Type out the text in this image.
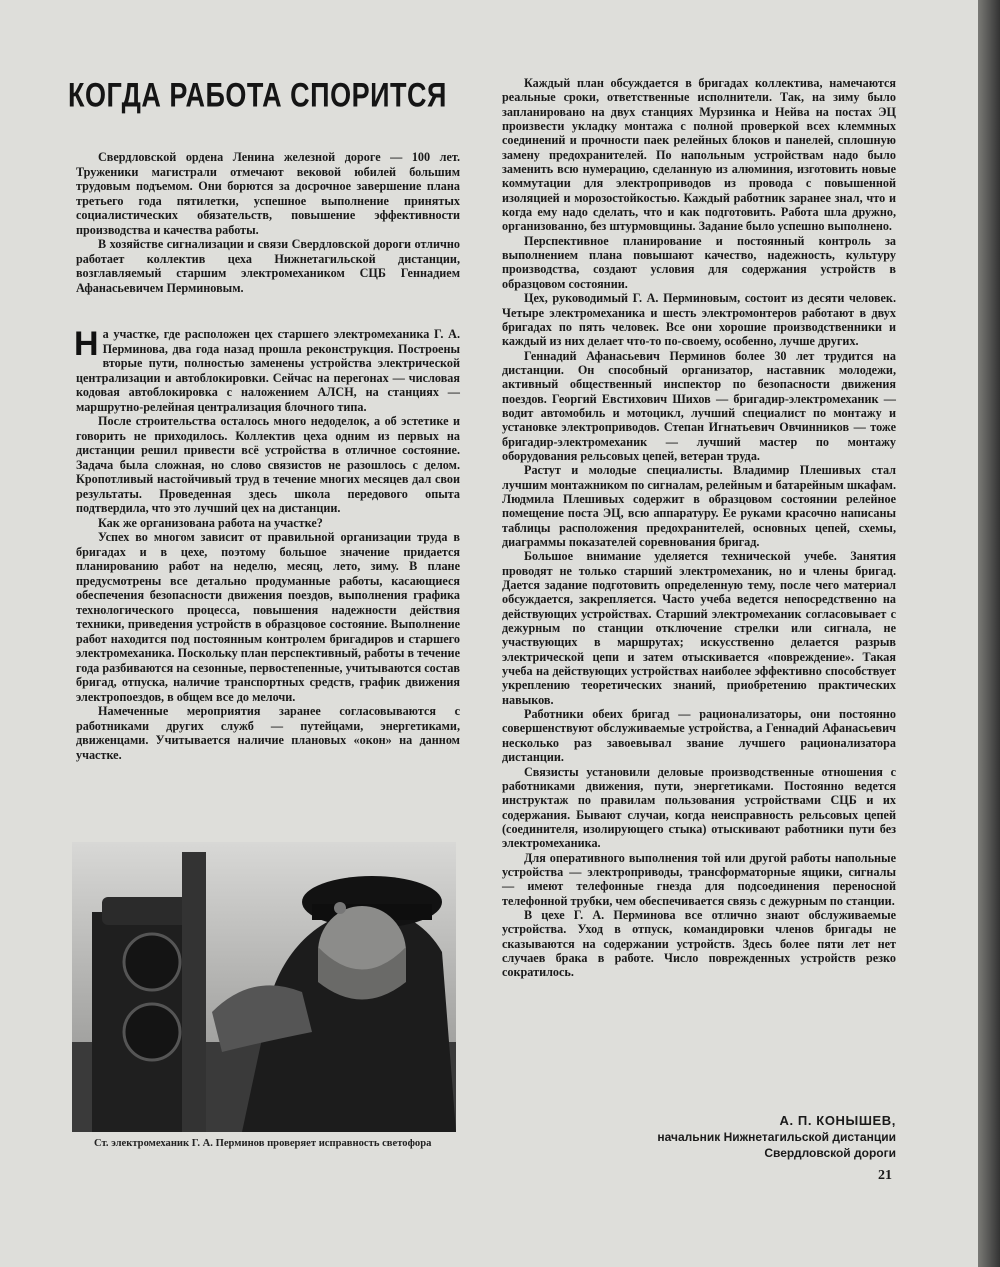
КОГДА РАБОТА СПОРИТСЯ

Свердловской ордена Ленина железной дороге — 100 лет. Труженики магистрали отмечают вековой юбилей большим трудовым подъемом. Они борются за досрочное завершение плана третьего года пятилетки, успешное выполнение принятых социалистических обязательств, повышение эффективности производства и качества работы.

В хозяйстве сигнализации и связи Свердловской дороги отлично работает коллектив цеха Нижнетагильской дистанции, возглавляемый старшим электромехаником СЦБ Геннадием Афанасьевичем Перминовым.

Н а участке, где расположен цех старшего электромеханика Г. А. Перминова, два года назад прошла реконструкция. Построены вторые пути, полностью заменены устройства электрической централизации и автоблокировки. Сейчас на перегонах — числовая кодовая автоблокировка с наложением АЛСН, на станциях — маршрутно-релейная централизация блочного типа.

После строительства осталось много недоделок, а об эстетике и говорить не приходилось. Коллектив цеха одним из первых на дистанции решил привести всё устройства в отличное состояние. Задача была сложная, но слово связистов не разошлось с делом. Кропотливый настойчивый труд в течение многих месяцев дал свои результаты. Проведенная здесь школа передового опыта подтвердила, что это лучший цех на дистанции.

Как же организована работа на участке?

Успех во многом зависит от правильной организации труда в бригадах и в цехе, поэтому большое значение придается планированию работ на неделю, месяц, лето, зиму. В плане предусмотрены все детально продуманные работы, касающиеся обеспечения безопасности движения поездов, выполнения графика технологического процесса, повышения надежности действия техники, приведения устройств в образцовое состояние. Выполнение работ находится под постоянным контролем бригадиров и старшего электромеханика. Поскольку план перспективный, работы в течение года разбиваются на сезонные, первостепенные, учитываются состав бригад, отпуска, наличие транспортных средств, график движения электропоездов, в общем все до мелочи.

Намеченные мероприятия заранее согласовываются с работниками других служб — путейцами, энергетиками, движенцами. Учитывается наличие плановых «окон» на данном участке.

Ст. электромеханик Г. А. Перминов проверяет исправность светофора

Каждый план обсуждается в бригадах коллектива, намечаются реальные сроки, ответственные исполнители. Так, на зиму было запланировано на двух станциях Мурзинка и Нейва на постах ЭЦ произвести укладку монтажа с полной проверкой всех клеммных соединений и прочности паек релейных блоков и панелей, сплошную замену предохранителей. По напольным устройствам надо было заменить всю нумерацию, сделанную из алюминия, изготовить новые коммутации для электроприводов из провода с повышенной изоляцией и морозостойкостью. Каждый работник заранее знал, что и когда ему надо сделать, что и как подготовить. Работа шла дружно, организованно, без штурмовщины. Задание было успешно выполнено.

Перспективное планирование и постоянный контроль за выполнением плана повышают качество, надежность, культуру производства, создают условия для содержания устройств в образцовом состоянии.

Цех, руководимый Г. А. Перминовым, состоит из десяти человек. Четыре электромеханика и шесть электромонтеров работают в двух бригадах по пять человек. Все они хорошие производственники и каждый из них делает что-то по-своему, особенно, лучше других.

Геннадий Афанасьевич Перминов более 30 лет трудится на дистанции. Он способный организатор, наставник молодежи, активный общественный инспектор по безопасности движения поездов. Георгий Евстихович Шихов — бригадир-электромеханик — водит автомобиль и мотоцикл, лучший специалист по монтажу и установке электроприводов. Степан Игнатьевич Овчинников — тоже бригадир-электромеханик — лучший мастер по монтажу оборудования рельсовых цепей, ветеран труда.

Растут и молодые специалисты. Владимир Плешивых стал лучшим монтажником по сигналам, релейным и батарейным шкафам. Людмила Плешивых содержит в образцовом состоянии релейное помещение поста ЭЦ, всю аппаратуру. Ее руками красочно написаны таблицы расположения предохранителей, основных цепей, схемы, диаграммы показателей соревнования бригад.

Большое внимание уделяется технической учебе. Занятия проводят не только старший электромеханик, но и члены бригад. Дается задание подготовить определенную тему, после чего материал обсуждается, закрепляется. Часто учеба ведется непосредственно на действующих устройствах. Старший электромеханик согласовывает с дежурным по станции отключение стрелки или сигнала, не участвующих в маршрутах; искусственно делается разрыв электрической цепи и затем отыскивается «повреждение». Такая учеба на действующих устройствах наиболее эффективно способствует укреплению теоретических знаний, приобретению практических навыков.

Работники обеих бригад — рационализаторы, они постоянно совершенствуют обслуживаемые устройства, а Геннадий Афанасьевич несколько раз завоевывал звание лучшего рационализатора дистанции.

Связисты установили деловые производственные отношения с работниками движения, пути, энергетиками. Постоянно ведется инструктаж по правилам пользования устройствами СЦБ и их содержания. Бывают случаи, когда неисправность рельсовых цепей (соединителя, изолирующего стыка) отыскивают работники пути без электромеханика.

Для оперативного выполнения той или другой работы напольные устройства — электроприводы, трансформаторные ящики, сигналы — имеют телефонные гнезда для подсоединения переносной телефонной трубки, чем обеспечивается связь с дежурным по станции.

В цехе Г. А. Перминова все отлично знают обслуживаемые устройства. Уход в отпуск, командировки членов бригады не сказываются на содержании устройств. Здесь более пяти лет нет случаев брака в работе. Число поврежденных устройств резко сократилось.

А. П. КОНЫШЕВ,
начальник Нижнетагильской дистанции
Свердловской дороги
21
